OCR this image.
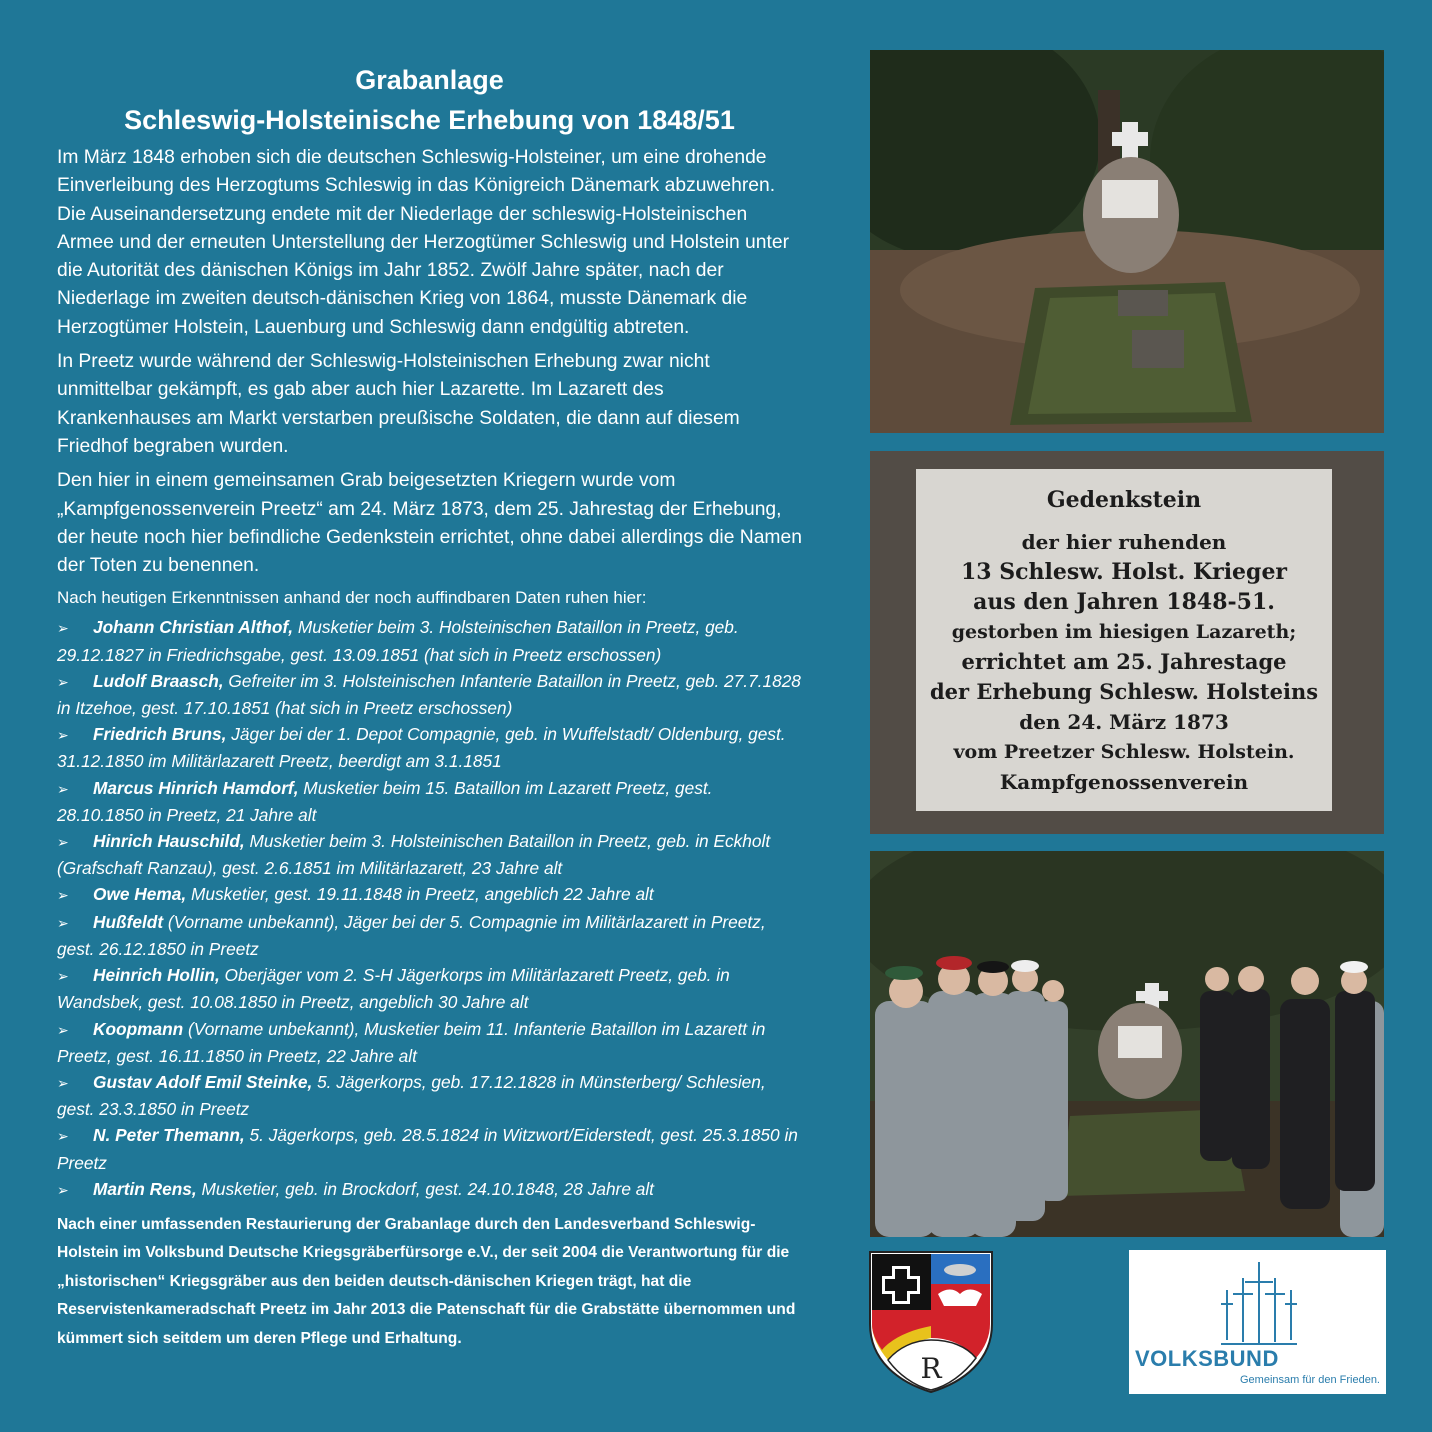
Grabanlage
Schleswig-Holsteinische Erhebung von 1848/51

Im März 1848 erhoben sich die deutschen Schleswig-Holsteiner, um eine drohende Einverleibung des Herzogtums Schleswig in das Königreich Dänemark abzuwehren. Die Auseinandersetzung endete mit der Niederlage der schleswig-Holsteinischen Armee und der erneuten Unterstellung der Herzogtümer Schleswig und Holstein unter die Autorität des dänischen Königs im Jahr 1852. Zwölf Jahre später, nach der Niederlage im zweiten deutsch-dänischen Krieg von 1864, musste Dänemark die Herzogtümer Holstein, Lauenburg und Schleswig dann endgültig abtreten.

In Preetz wurde während der Schleswig-Holsteinischen Erhebung zwar nicht unmittelbar gekämpft, es gab aber auch hier Lazarette. Im Lazarett des Krankenhauses am Markt verstarben preußische Soldaten, die dann auf diesem Friedhof begraben wurden.

Den hier in einem gemeinsamen Grab beigesetzten Kriegern wurde vom „Kampfgenossenverein Preetz“ am 24. März 1873, dem 25. Jahrestag der Erhebung, der heute noch hier befindliche Gedenkstein errichtet, ohne dabei allerdings die Namen der Toten zu benennen.

Nach heutigen Erkenntnissen anhand der noch auffindbaren Daten ruhen hier:

➢ Johann Christian Althof, Musketier beim 3. Holsteinischen Bataillon in Preetz, geb. 29.12.1827 in Friedrichsgabe, gest. 13.09.1851 (hat sich in Preetz erschossen)
➢ Ludolf Braasch, Gefreiter im 3. Holsteinischen Infanterie Bataillon in Preetz, geb. 27.7.1828 in Itzehoe, gest. 17.10.1851 (hat sich in Preetz erschossen)
➢ Friedrich Bruns, Jäger bei der 1. Depot Compagnie, geb. in Wuffelstadt/ Oldenburg, gest. 31.12.1850 im Militärlazarett Preetz, beerdigt am 3.1.1851
➢ Marcus Hinrich Hamdorf, Musketier beim 15. Bataillon im Lazarett Preetz, gest. 28.10.1850 in Preetz, 21 Jahre alt
➢ Hinrich Hauschild, Musketier beim 3. Holsteinischen Bataillon in Preetz, geb. in Eckholt (Grafschaft Ranzau), gest. 2.6.1851 im Militärlazarett, 23 Jahre alt
➢ Owe Hema, Musketier, gest. 19.11.1848 in Preetz, angeblich 22 Jahre alt
➢ Hußfeldt (Vorname unbekannt), Jäger bei der 5. Compagnie im Militärlazarett in Preetz, gest. 26.12.1850 in Preetz
➢ Heinrich Hollin, Oberjäger vom 2. S-H Jägerkorps im Militärlazarett Preetz, geb. in Wandsbek, gest. 10.08.1850 in Preetz, angeblich 30 Jahre alt
➢ Koopmann (Vorname unbekannt), Musketier beim 11. Infanterie Bataillon im Lazarett in Preetz, gest. 16.11.1850 in Preetz, 22 Jahre alt
➢ Gustav Adolf Emil Steinke, 5. Jägerkorps, geb. 17.12.1828 in Münsterberg/ Schlesien, gest. 23.3.1850 in Preetz
➢ N. Peter Themann, 5. Jägerkorps, geb. 28.5.1824 in Witzwort/Eiderstedt, gest. 25.3.1850 in Preetz
➢ Martin Rens, Musketier, geb. in Brockdorf, gest. 24.10.1848, 28 Jahre alt

Nach einer umfassenden Restaurierung der Grabanlage durch den Landesverband Schleswig-Holstein im Volksbund Deutsche Kriegsgräberfürsorge e.V., der seit 2004 die Verantwortung für die „historischen“ Kriegsgräber aus den beiden deutsch-dänischen Kriegen trägt, hat die Reservistenkameradschaft Preetz im Jahr 2013 die Patenschaft für die Grabstätte übernommen und kümmert sich seitdem um deren Pflege und Erhaltung.

Gedenkstein
der hier ruhenden
13 Schlesw. Holst. Krieger
aus den Jahren 1848-51.
gestorben im hiesigen Lazareth;
errichtet am 25. Jahrestage
der Erhebung Schlesw. Holsteins
den 24. März 1873
vom Preetzer Schlesw. Holstein.
Kampfgenossenverein
R	VOLKSBUND
Gemeinsam für den Frieden.
